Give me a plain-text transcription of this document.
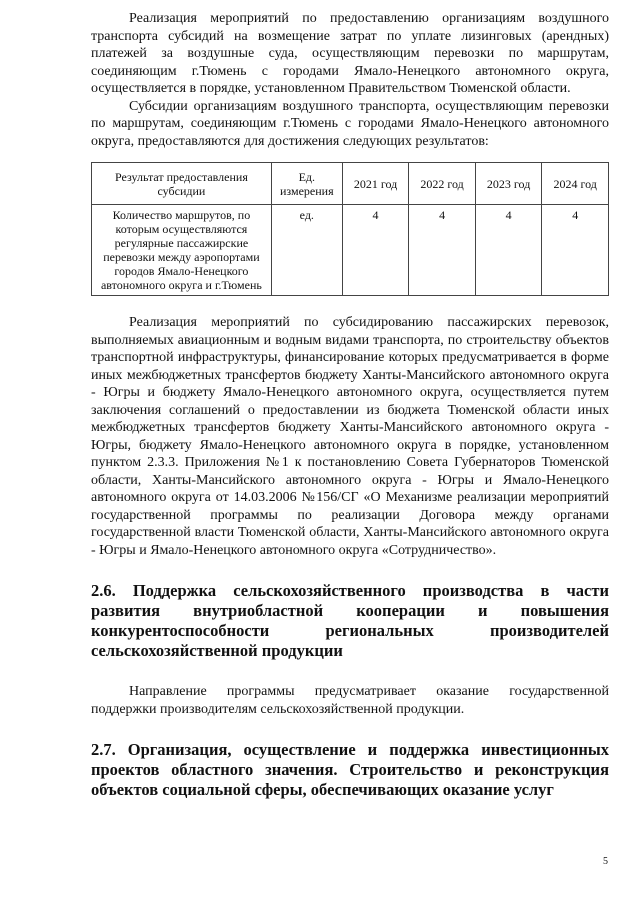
Реализация мероприятий по предоставлению организациям воздушного транспорта субсидий на возмещение затрат по уплате лизинговых (арендных) платежей за воздушные суда, осуществляющим перевозки по маршрутам, соединяющим г.Тюмень с городами Ямало-Ненецкого автономного округа, осуществляется в порядке, установленном Правительством Тюменской области.

Субсидии организациям воздушного транспорта, осуществляющим перевозки по маршрутам, соединяющим г.Тюмень с городами Ямало-Ненецкого автономного округа, предоставляются для достижения следующих результатов:

Результат предоставления субсидии	Ед. измерения	2021 год	2022 год	2023 год	2024 год
Количество маршрутов, по которым осуществляются регулярные пассажирские перевозки между аэропортами городов Ямало-Ненецкого автономного округа и г.Тюмень	ед.	4	4	4	4

Реализация мероприятий по субсидированию пассажирских перевозок, выполняемых авиационным и водным видами транспорта, по строительству объектов транспортной инфраструктуры, финансирование которых предусматривается в форме иных межбюджетных трансфертов бюджету Ханты-Мансийского автономного округа - Югры и бюджету Ямало-Ненецкого автономного округа, осуществляется путем заключения соглашений о предоставлении из бюджета Тюменской области иных межбюджетных трансфертов бюджету Ханты-Мансийского автономного округа - Югры, бюджету Ямало-Ненецкого автономного округа в порядке, установленном пунктом 2.3.3. Приложения №1 к постановлению Совета Губернаторов Тюменской области, Ханты-Мансийского автономного округа - Югры и Ямало-Ненецкого автономного округа от 14.03.2006 №156/СГ «О Механизме реализации мероприятий государственной программы по реализации Договора между органами государственной власти Тюменской области, Ханты-Мансийского автономного округа - Югры и Ямало-Ненецкого автономного округа «Сотрудничество».

2.6. Поддержка сельскохозяйственного производства в части развития внутриобластной кооперации и повышения конкурентоспособности региональных производителей сельскохозяйственной продукции

Направление программы предусматривает оказание государственной поддержки производителям сельскохозяйственной продукции.

2.7. Организация, осуществление и поддержка инвестиционных проектов областного значения. Строительство и реконструкция объектов социальной сферы, обеспечивающих оказание услуг
5
